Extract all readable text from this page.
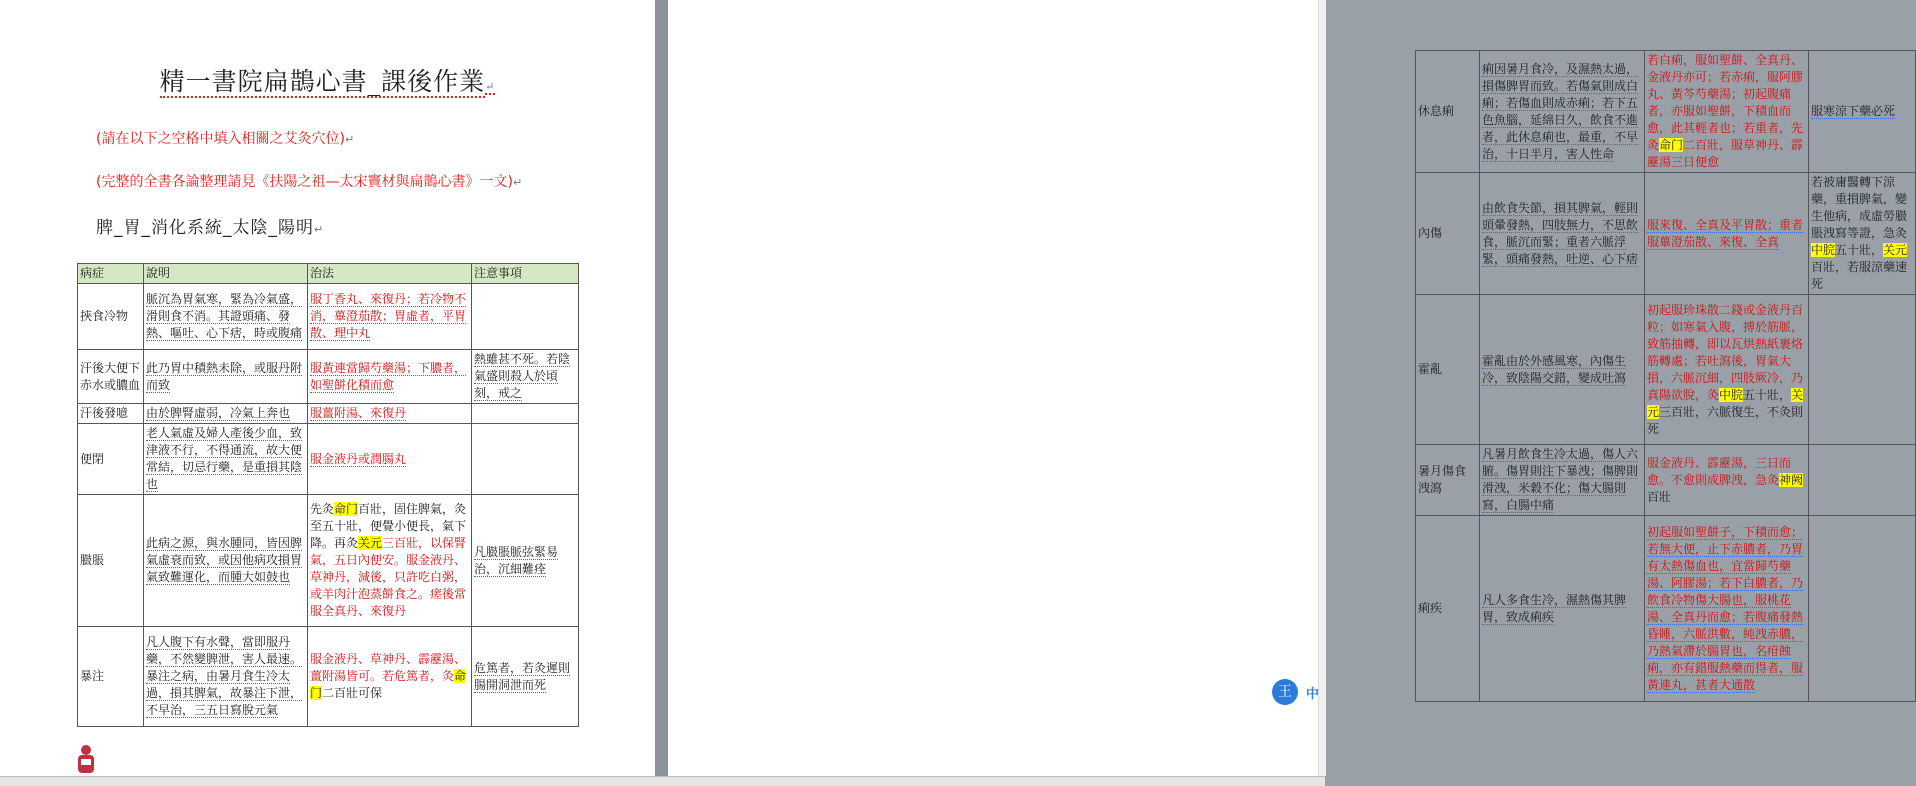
精一書院扁鵲心書_課後作業↵
(請在以下之空格中填入相關之艾灸穴位)↵
(完整的全書各論整理請見《扶陽之祖—太宋竇材與扁鵲心書》一文)↵
脾_胃_消化系統_太陰_陽明↵
病症	說明	治法	注意事項
挾食冷物	脈沉為胃氣寒，緊為冷氣盛，滑則食不消。其證頭痛、發熱、嘔吐、心下痞，時或腹痛	服丁香丸、來復丹；若冷物不消，蓽澄茄散；胃虛者，平胃散、理中丸	
汗後大便下赤水或膿血	此乃胃中積熱未除，或服丹附而致	服黃連當歸芍藥湯；下膿者，如聖餅化積而愈	熱雖甚不死。若陰氣盛則殺人於頃刻，戒之
汗後發噫	由於脾腎虛弱，冷氣上奔也	服薑附湯、來復丹	
便閉	老人氣虛及婦人產後少血，致津液不行，不得通流，故大便常結，切忌行藥，是重損其陰也	服金液丹或潤腸丸	
臌脹	此病之源，與水腫同，皆因脾氣虛衰而致，或因他病攻損胃氣致難運化，而腫大如鼓也	先灸命门百壯，固住脾氣，灸至五十壯，便覺小便長，氣下降。再灸关元三百壯，以保腎氣，五日內便安。服金液丹、草神丹，減後，只許吃白粥，或羊肉汁泡蒸餅食之。瘥後常服全真丹、來復丹	凡臌脹脈弦緊易治，沉細難痊
暴注	凡人腹下有水聲，當即服丹藥，不然變脾泄，害人最速。暴注之病，由暑月食生冷太過，損其脾氣，故暴注下泄，不早治，三五日寫脫元氣	服金液丹、草神丹、霹靂湯、薑附湯皆可。若危篤者，灸命门二百壯可保	危篤者，若灸遲則腸開洞泄而死
休息痢	痢因暑月食冷，及濕熱太過，損傷脾胃而致。若傷氣則成白痢；若傷血則成赤痢；若下五色魚腦，延綿日久，飲食不進者，此休息痢也，最重，不早治，十日半月，害人性命	若白痢，服如聖餅、全真丹、金液丹亦可；若赤痢，服阿膠丸、黃芩芍藥湯；初起腹痛者，亦服如聖餅，下積血而愈，此其輕者也；若重者，先灸命门二百壯，服草神丹、霹靂湯三日便愈	服寒涼下藥必死
內傷	由飲食失節，損其脾氣，輕則頭暈發熱，四肢無力，不思飲食，脈沉而緊；重者六脈浮緊，頭痛發熱，吐逆、心下痞	服來復、全真及平胃散；重者服蓽澄茄散、來復、全真	若被庸醫轉下涼藥，重損脾氣，變生他病，成虛勞臌脹洩寫等證，急灸中脘五十壯，关元百壯，若服涼藥速死
霍亂	霍亂由於外感風寒，內傷生冷，致陰陽交錯，變成吐瀉	初起服珍珠散二錢或金液丹百粒；如寒氣入腹，搏於筋脈，致筋抽轉，即以瓦烘熱紙裹烙筋轉處；若吐瀉後，胃氣大損，六脈沉細，四肢厥冷，乃真陽欲脫，灸中脘五十壯，关元三百壯，六脈復生，不灸則死	
暑月傷食洩瀉	凡暑月飲食生冷太過，傷人六腑。傷胃則注下暴洩；傷脾則滑洩，米穀不化；傷大腸則寫，白腸中痛	服金液丹、霹靂湯，三日而愈。不愈則成脾洩，急灸神阙百壯	
痢疾	凡人多食生冷，濕熱傷其脾胃，致成痢疾	初起服如聖餅子，下積而愈；若無大便，止下赤膿者，乃胃有太熱傷血也，宜當歸芍藥湯、阿膠湯；若下白膿者，乃飲食冷物傷大腸也，服桃花湯、全真丹而愈；若腹痛發熱昏睡，六脈洪數，純洩赤膿，乃熱氣滯於腸胃也，名疳蝕痢，亦有錯服熱藥而得者，服黃連丸，甚者大通散	
王	中
